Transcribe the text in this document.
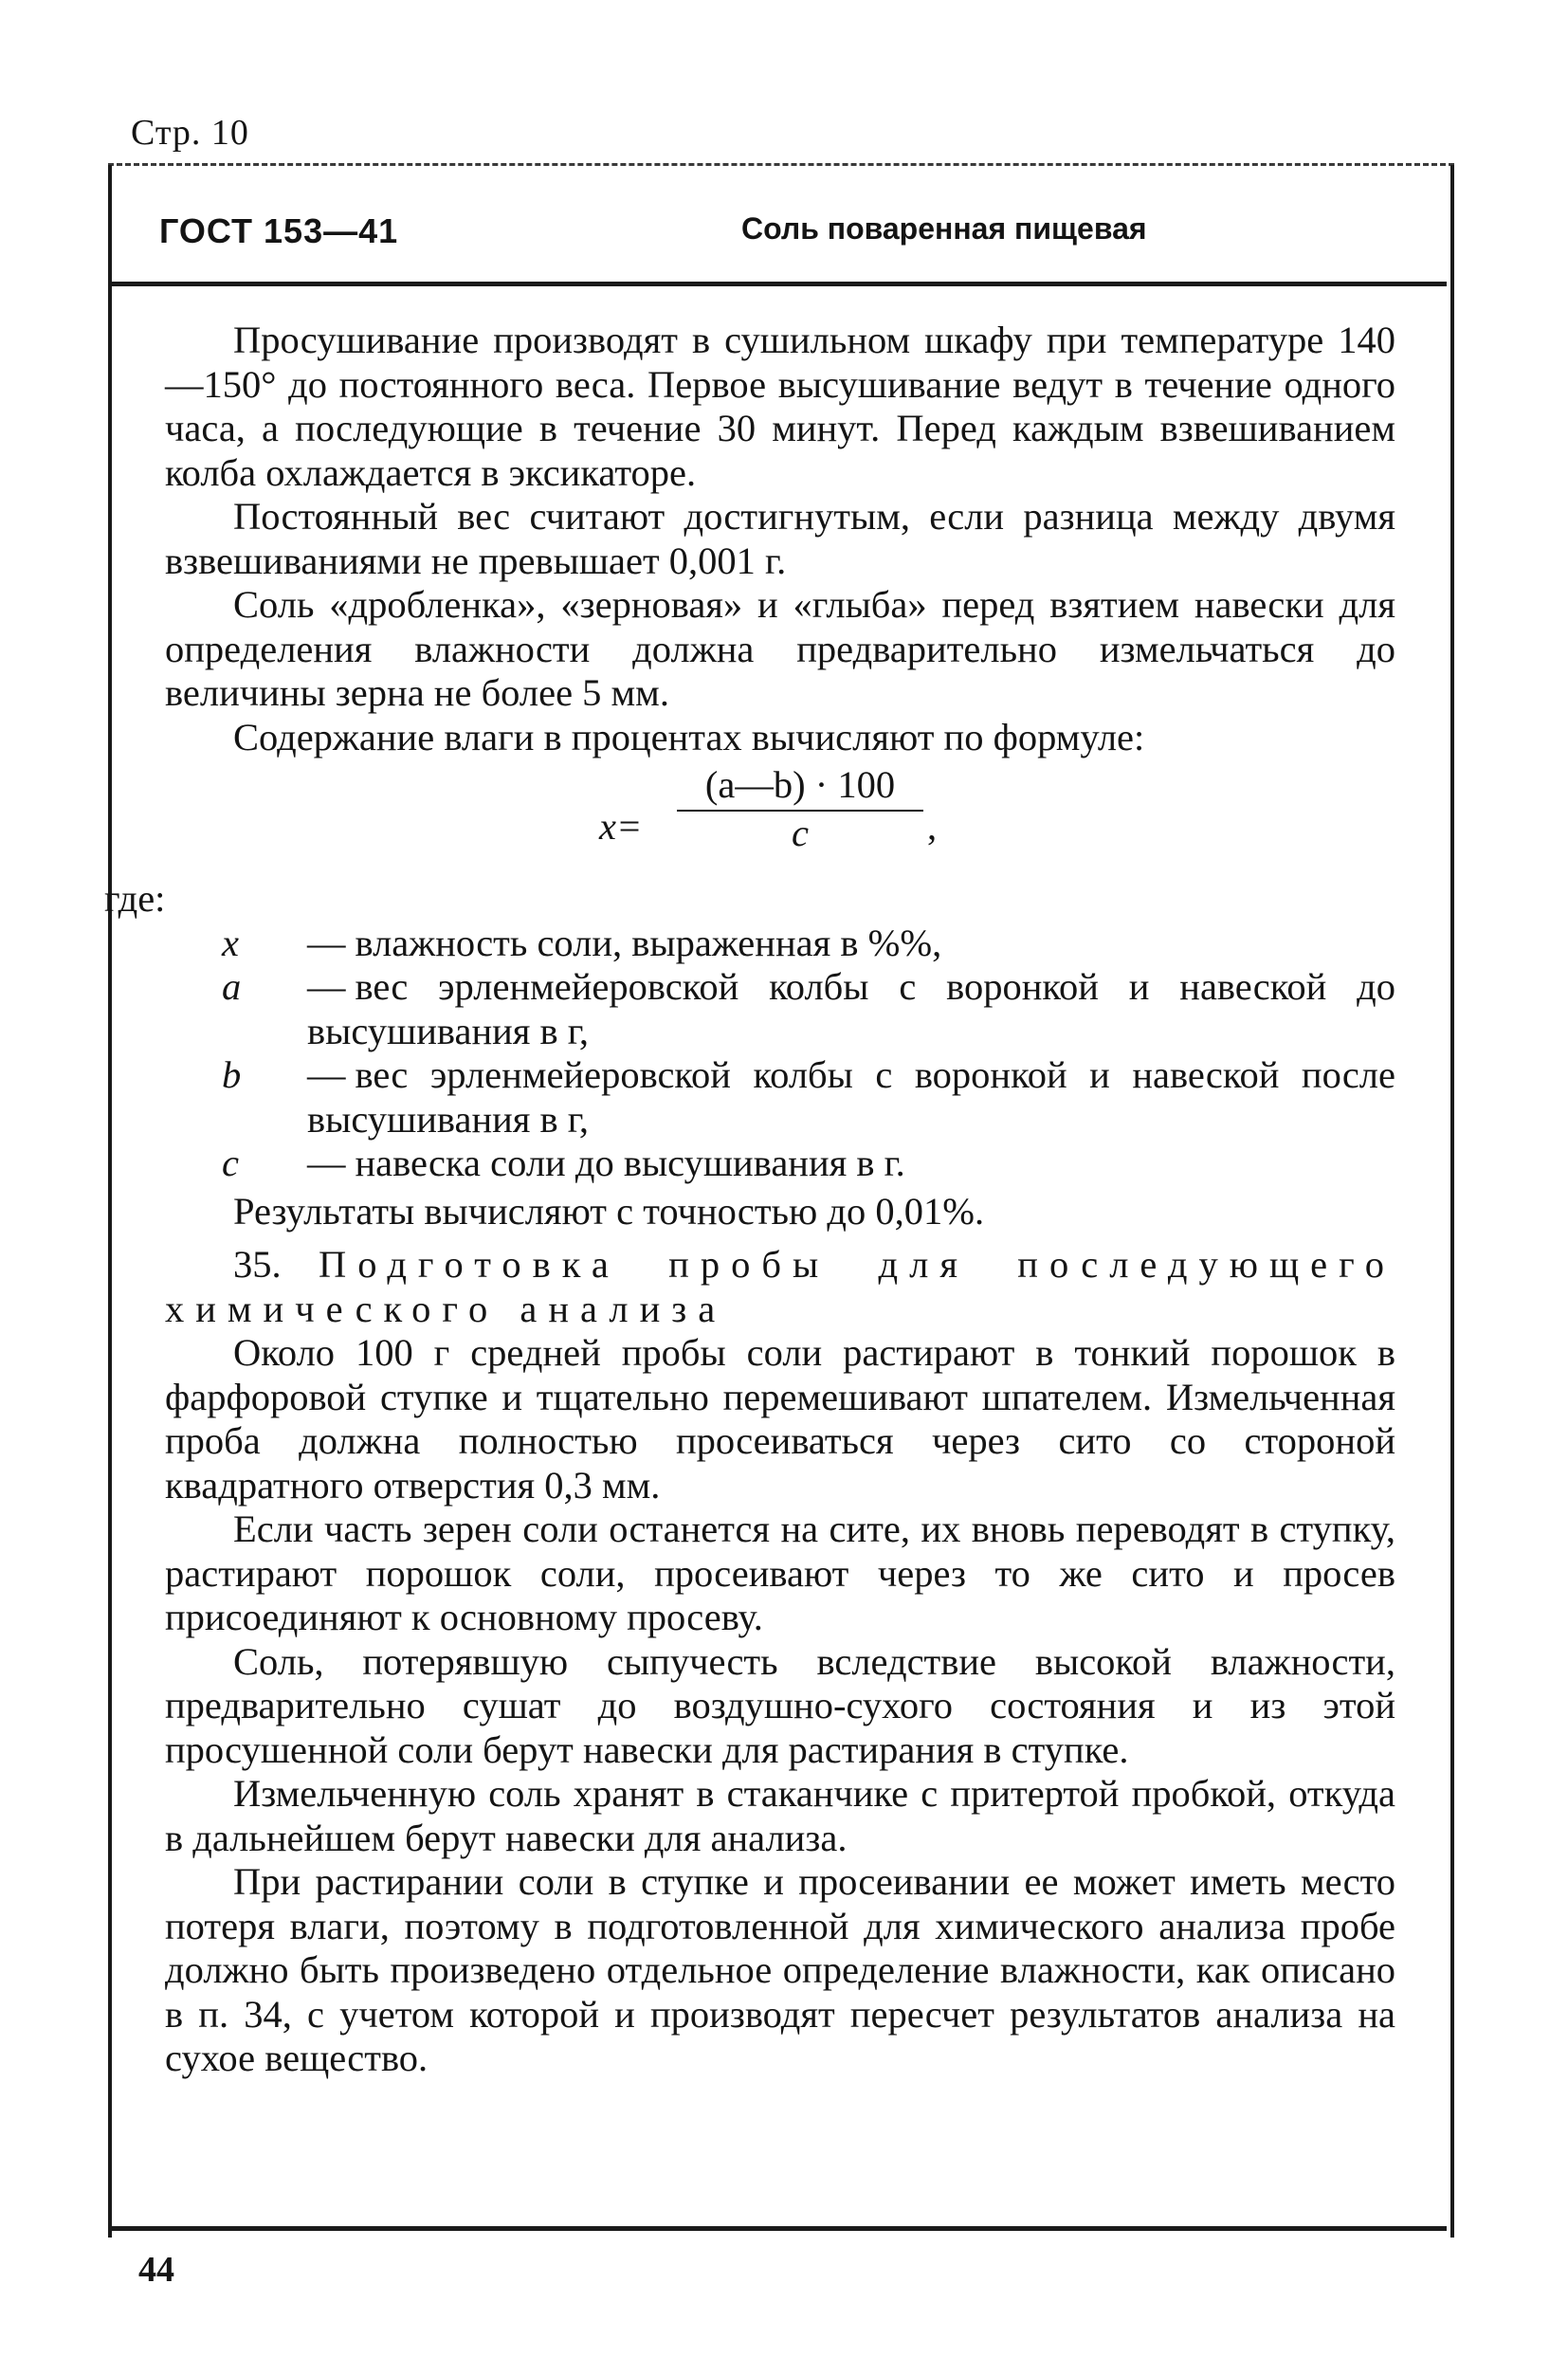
Стр. 10
ГОСТ 153—41	Соль поваренная пищевая

Просушивание производят в сушильном шкафу при температуре 140—150° до постоянного веса. Первое высушивание ведут в течение одного часа, а последующие в течение 30 минут. Перед каждым взвешиванием колба охлаждается в эксикаторе.

Постоянный вес считают достигнутым, если разница между двумя взвешиваниями не превышает 0,001 г.

Соль «дробленка», «зерновая» и «глыба» перед взятием навески для определения влажности должна предварительно измельчаться до величины зерна не более 5 мм.

Содержание влаги в процентах вычисляют по формуле:

$x= \frac{(a—b) \cdot 100}{c}$ ,
где:
x	— влажность соли, выраженная в %%,
a	— вес эрленмейеровской колбы с воронкой и навеской до высушивания в г,
b	— вес эрленмейеровской колбы с воронкой и навеской после высушивания в г,
c	— навеска соли до высушивания в г.

Результаты вычисляют с точностью до 0,01%.

35. Подготовка пробы для последующего химического анализа

Около 100 г средней пробы соли растирают в тонкий порошок в фарфоровой ступке и тщательно перемешивают шпателем. Измельченная проба должна полностью просеиваться через сито со стороной квадратного отверстия 0,3 мм.

Если часть зерен соли останется на сите, их вновь переводят в ступку, растирают порошок соли, просеивают через то же сито и просев присоединяют к основному просеву.

Соль, потерявшую сыпучесть вследствие высокой влажности, предварительно сушат до воздушно-сухого состояния и из этой просушенной соли берут навески для растирания в ступке.

Измельченную соль хранят в стаканчике с притертой пробкой, откуда в дальнейшем берут навески для анализа.

При растирании соли в ступке и просеивании ее может иметь место потеря влаги, поэтому в подготовленной для химического анализа пробе должно быть произведено отдельное определение влажности, как описано в п. 34, с учетом которой и производят пересчет результатов анализа на сухое вещество.

44
